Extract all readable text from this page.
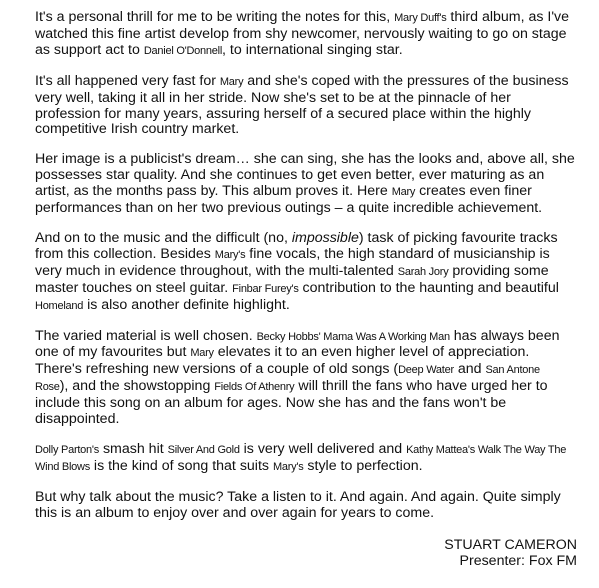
It's a personal thrill for me to be writing the notes for this, Mary Duff's third album, as I've watched this fine artist develop from shy newcomer, nervously waiting to go on stage as support act to Daniel O'Donnell, to international singing star.

It's all happened very fast for Mary and she's coped with the pressures of the business very well, taking it all in her stride. Now she's set to be at the pinnacle of her profession for many years, assuring herself of a secured place within the highly competitive Irish country market.

Her image is a publicist's dream… she can sing, she has the looks and, above all, she possesses star quality. And she continues to get even better, ever maturing as an artist, as the months pass by. This album proves it. Here Mary creates even finer performances than on her two previous outings – a quite incredible achievement.

And on to the music and the difficult (no, impossible) task of picking favourite tracks from this collection. Besides Mary's fine vocals, the high standard of musicianship is very much in evidence throughout, with the multi-talented Sarah Jory providing some master touches on steel guitar. Finbar Furey's contribution to the haunting and beautiful Homeland is also another definite highlight.

The varied material is well chosen. Becky Hobbs' Mama Was A Working Man has always been one of my favourites but Mary elevates it to an even higher level of appreciation. There's refreshing new versions of a couple of old songs (Deep Water and San Antone Rose), and the showstopping Fields Of Athenry will thrill the fans who have urged her to include this song on an album for ages. Now she has and the fans won't be disappointed.

Dolly Parton's smash hit Silver And Gold is very well delivered and Kathy Mattea's Walk The Way The Wind Blows is the kind of song that suits Mary's style to perfection.

But why talk about the music? Take a listen to it. And again. And again. Quite simply this is an album to enjoy over and over again for years to come.

STUART CAMERON
Presenter: Fox FM
